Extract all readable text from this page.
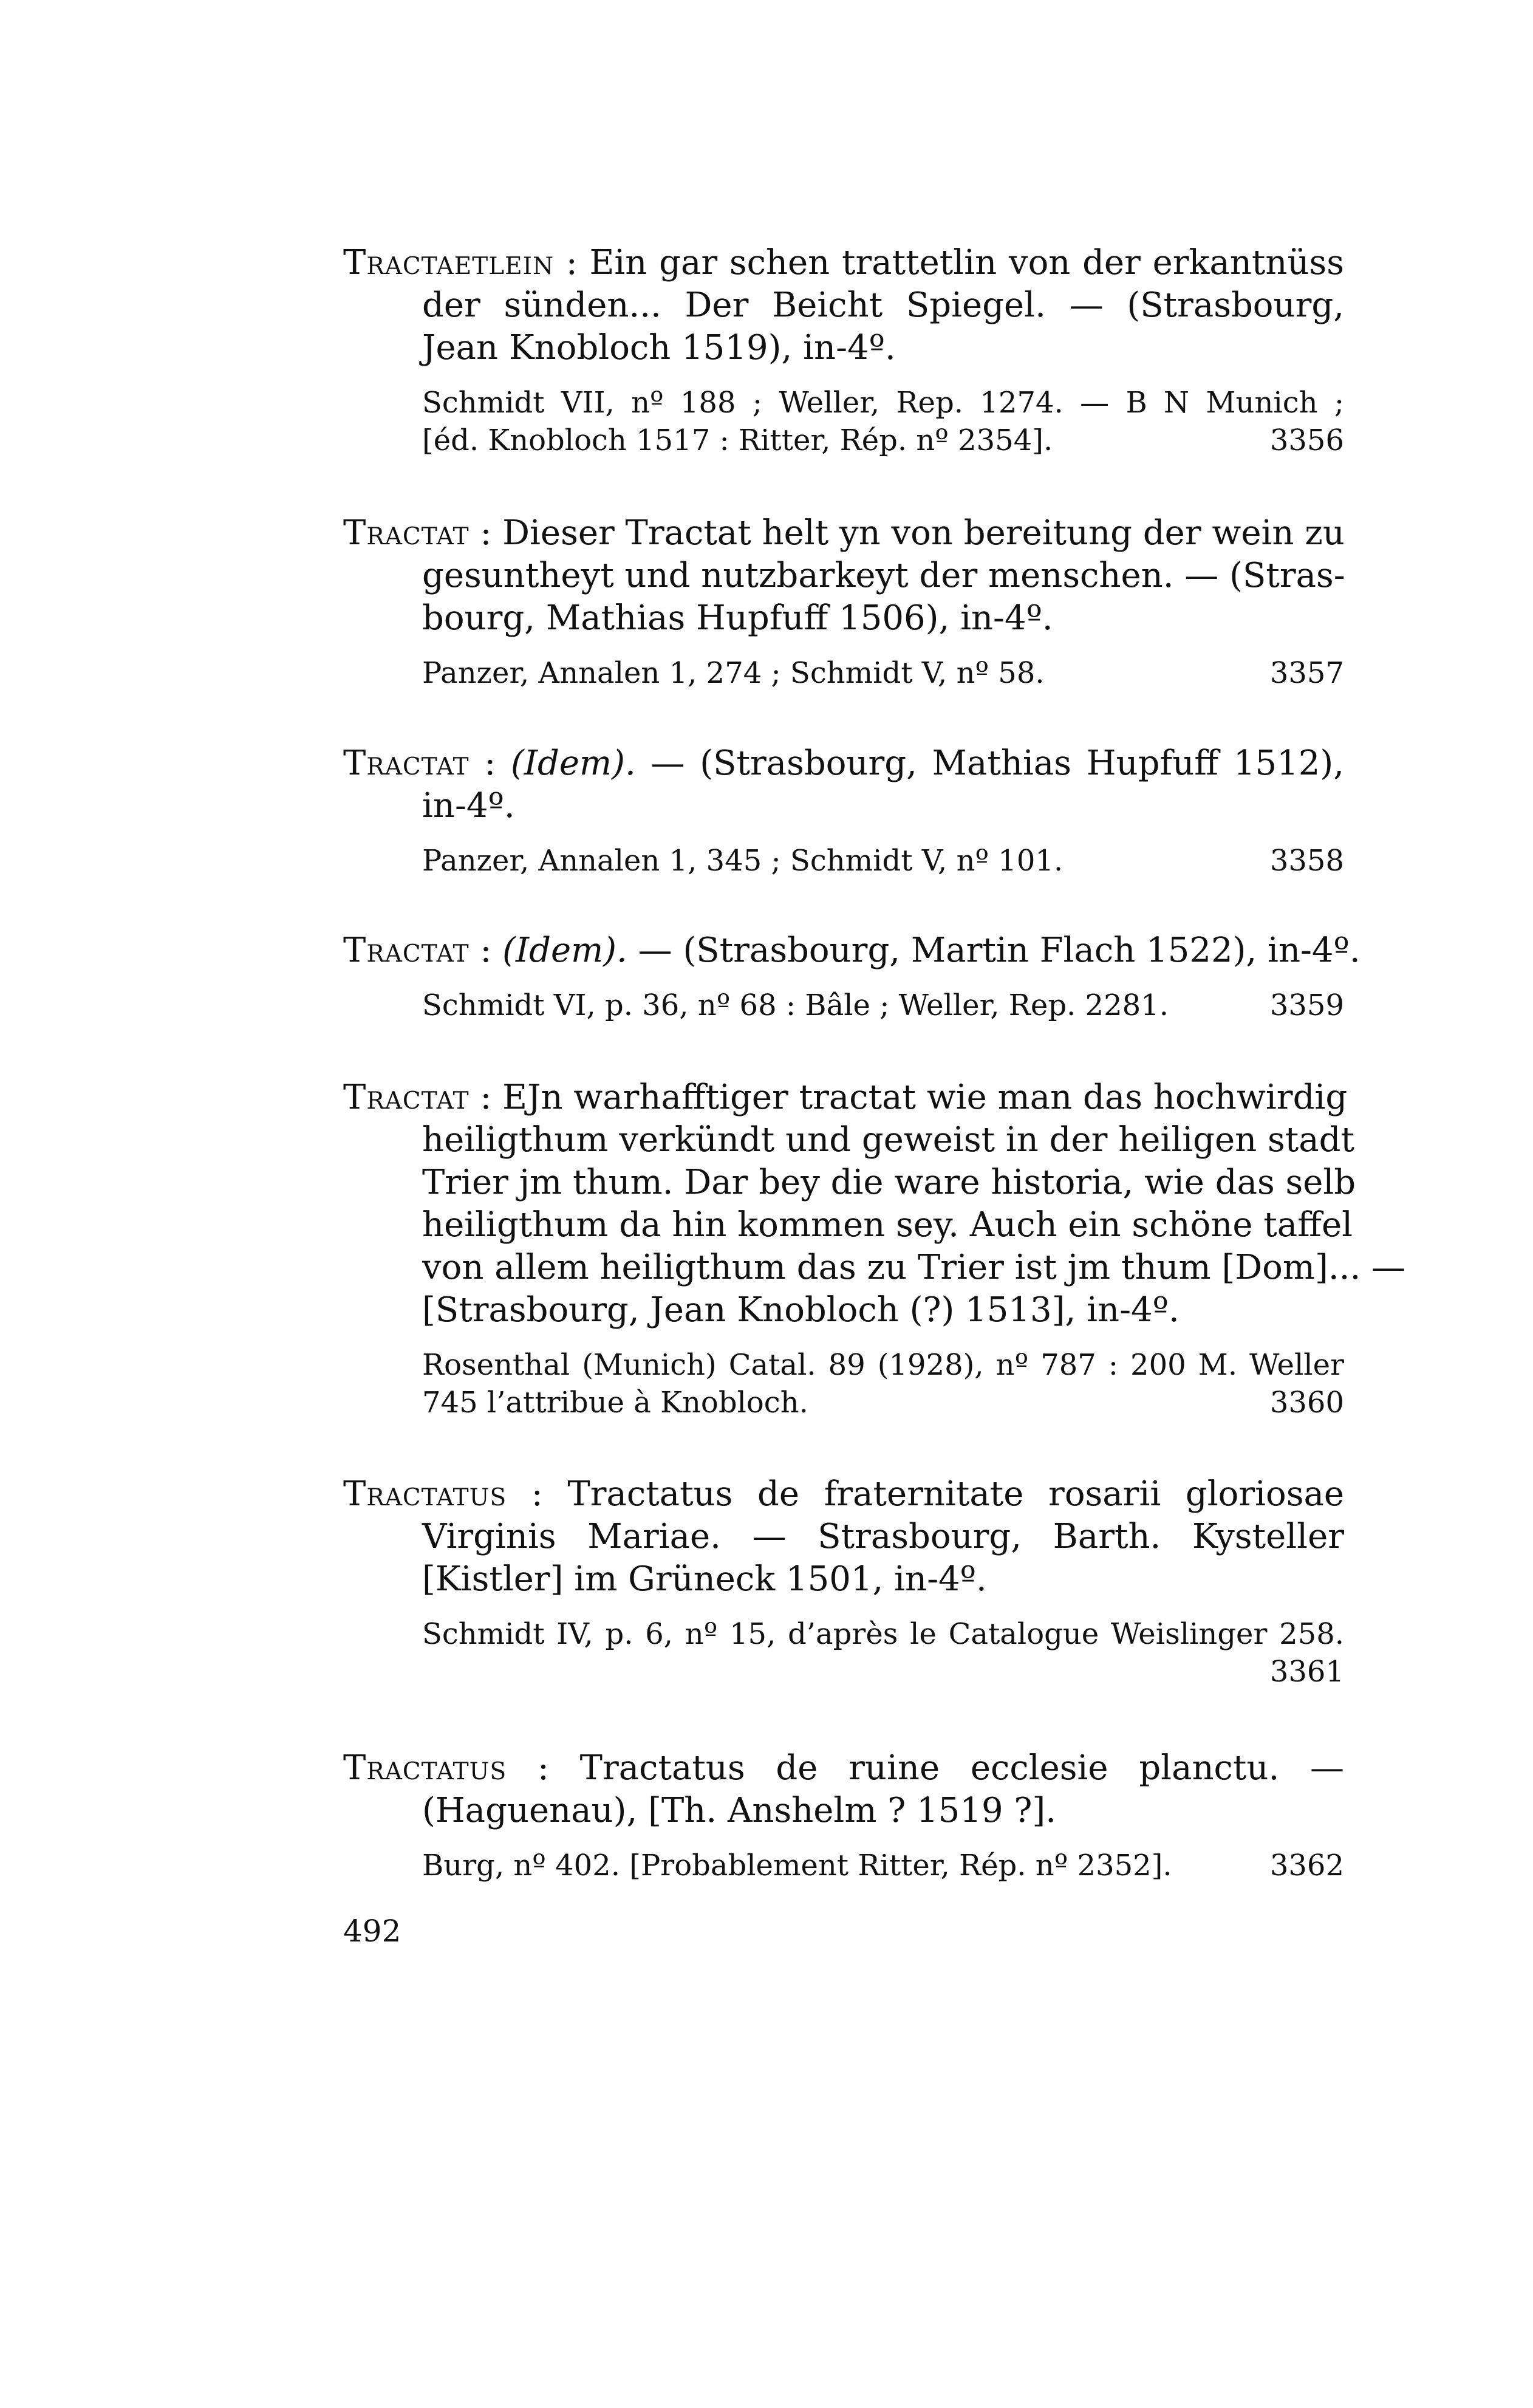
Tractaetlein : Ein gar schen trattetlin von der erkantnüss
der sünden... Der Beicht Spiegel. — (Strasbourg,
Jean Knobloch 1519), in-4º.
Schmidt VII, nº 188 ; Weller, Rep. 1274. — B N Munich ;
[éd. Knobloch 1517 : Ritter, Rép. nº 2354].	3356
Tractat : Dieser Tractat helt yn von bereitung der wein zu
gesuntheyt und nutzbarkeyt der menschen. — (Stras-
bourg, Mathias Hupfuff 1506), in-4º.
Panzer, Annalen 1, 274 ; Schmidt V, nº 58.	3357
Tractat : (Idem). — (Strasbourg, Mathias Hupfuff 1512),
in-4º.
Panzer, Annalen 1, 345 ; Schmidt V, nº 101.	3358
Tractat : (Idem). — (Strasbourg, Martin Flach 1522), in-4º.
Schmidt VI, p. 36, nº 68 : Bâle ; Weller, Rep. 2281.	3359
Tractat : EJn warhafftiger tractat wie man das hochwirdig
heiligthum verkündt und geweist in der heiligen stadt
Trier jm thum. Dar bey die ware historia, wie das selb
heiligthum da hin kommen sey. Auch ein schöne taffel
von allem heiligthum das zu Trier ist jm thum [Dom]... —
[Strasbourg, Jean Knobloch (?) 1513], in-4º.
Rosenthal (Munich) Catal. 89 (1928), nº 787 : 200 M. Weller
745 l’attribue à Knobloch.	3360
Tractatus : Tractatus de fraternitate rosarii gloriosae
Virginis Mariae. — Strasbourg, Barth. Kysteller
[Kistler] im Grüneck 1501, in-4º.
Schmidt IV, p. 6, nº 15, d’après le Catalogue Weislinger 258.
3361
Tractatus : Tractatus de ruine ecclesie planctu. —
(Haguenau), [Th. Anshelm ? 1519 ?].
Burg, nº 402. [Probablement Ritter, Rép. nº 2352].	3362
492
